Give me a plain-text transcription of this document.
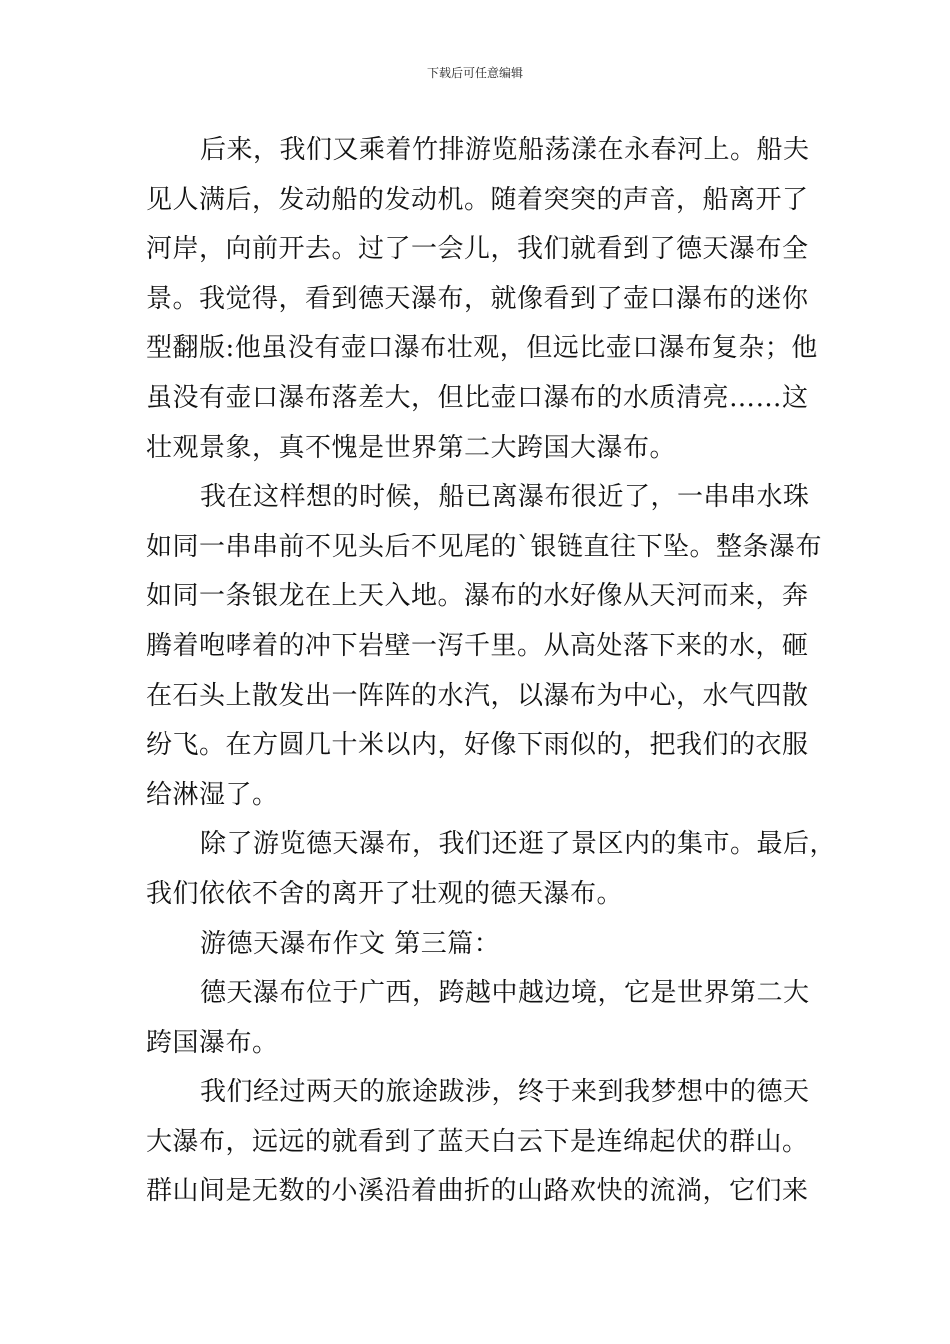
下载后可任意编辑
后来，我们又乘着竹排游览船荡漾在永春河上。船夫
见人满后，发动船的发动机。随着突突的声音，船离开了
河岸，向前开去。过了一会儿，我们就看到了德天瀑布全
景。我觉得，看到德天瀑布，就像看到了壶口瀑布的迷你
型翻版:他虽没有壶口瀑布壮观，但远比壶口瀑布复杂；他
虽没有壶口瀑布落差大，但比壶口瀑布的水质清亮……这
壮观景象，真不愧是世界第二大跨国大瀑布。
我在这样想的时候，船已离瀑布很近了，一串串水珠
如同一串串前不见头后不见尾的`银链直往下坠。整条瀑布
如同一条银龙在上天入地。瀑布的水好像从天河而来，奔
腾着咆哮着的冲下岩壁一泻千里。从高处落下来的水，砸
在石头上散发出一阵阵的水汽，以瀑布为中心，水气四散
纷飞。在方圆几十米以内，好像下雨似的，把我们的衣服
给淋湿了。
除了游览德天瀑布，我们还逛了景区内的集市。最后，
我们依依不舍的离开了壮观的德天瀑布。
游德天瀑布作文 第三篇：
德天瀑布位于广西，跨越中越边境，它是世界第二大
跨国瀑布。
我们经过两天的旅途跋涉，终于来到我梦想中的德天
大瀑布，远远的就看到了蓝天白云下是连绵起伏的群山。
群山间是无数的小溪沿着曲折的山路欢快的流淌，它们来
